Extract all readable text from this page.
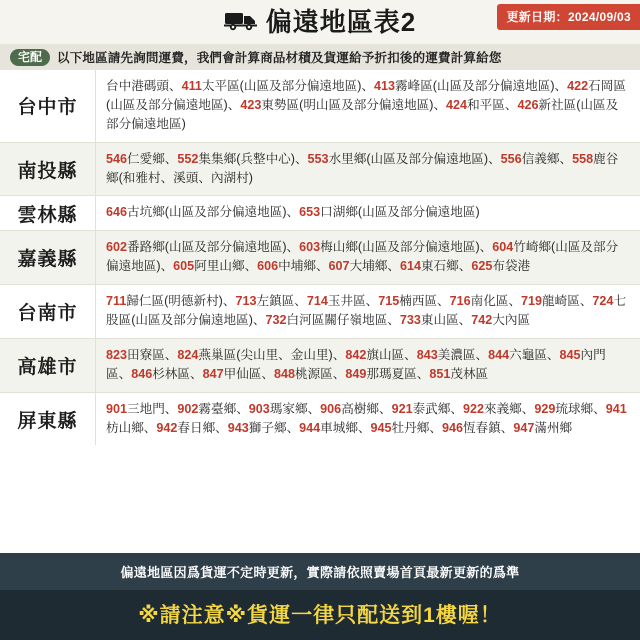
偏遠地區表2	更新日期：2024/09/03
宅配	以下地區請先詢問運費，我們會計算商品材積及貨運給予折扣後的運費計算給您
台中市
台中港碼頭、411太平區(山區及部分偏遠地區)、413霧峰區(山區及部分偏遠地區)、422石岡區(山區及部分偏遠地區)、423東勢區(明山區及部分偏遠地區)、424和平區、426新社區(山區及部分偏遠地區)
南投縣
546仁愛鄉、552集集鄉(兵整中心)、553水里鄉(山區及部分偏遠地區)、556信義鄉、558鹿谷鄉(和雅村、溪頭、內湖村)
雲林縣	646古坑鄉(山區及部分偏遠地區)、653口湖鄉(山區及部分偏遠地區)
嘉義縣
602番路鄉(山區及部分偏遠地區)、603梅山鄉(山區及部分偏遠地區)、604竹崎鄉(山區及部分偏遠地區)、605阿里山鄉、606中埔鄉、607大埔鄉、614東石鄉、625布袋港
台南市
711歸仁區(明德新村)、713左鎮區、714玉井區、715楠西區、716南化區、719龍崎區、724七股區(山區及部分偏遠地區)、732白河區關仔嶺地區、733東山區、742大內區
高雄市
823田寮區、824燕巢區(尖山里、金山里)、842旗山區、843美濃區、844六龜區、845內門區、846杉林區、847甲仙區、848桃源區、849那瑪夏區、851茂林區
屏東縣
901三地門、902霧臺鄉、903瑪家鄉、906高樹鄉、921泰武鄉、922來義鄉、929琉球鄉、941枋山鄉、942春日鄉、943獅子鄉、944車城鄉、945牡丹鄉、946恆春鎮、947滿州鄉
偏遠地區因爲貨運不定時更新，實際請依照賣場首頁最新更新的爲準
※請注意※貨運一律只配送到1樓喔！
